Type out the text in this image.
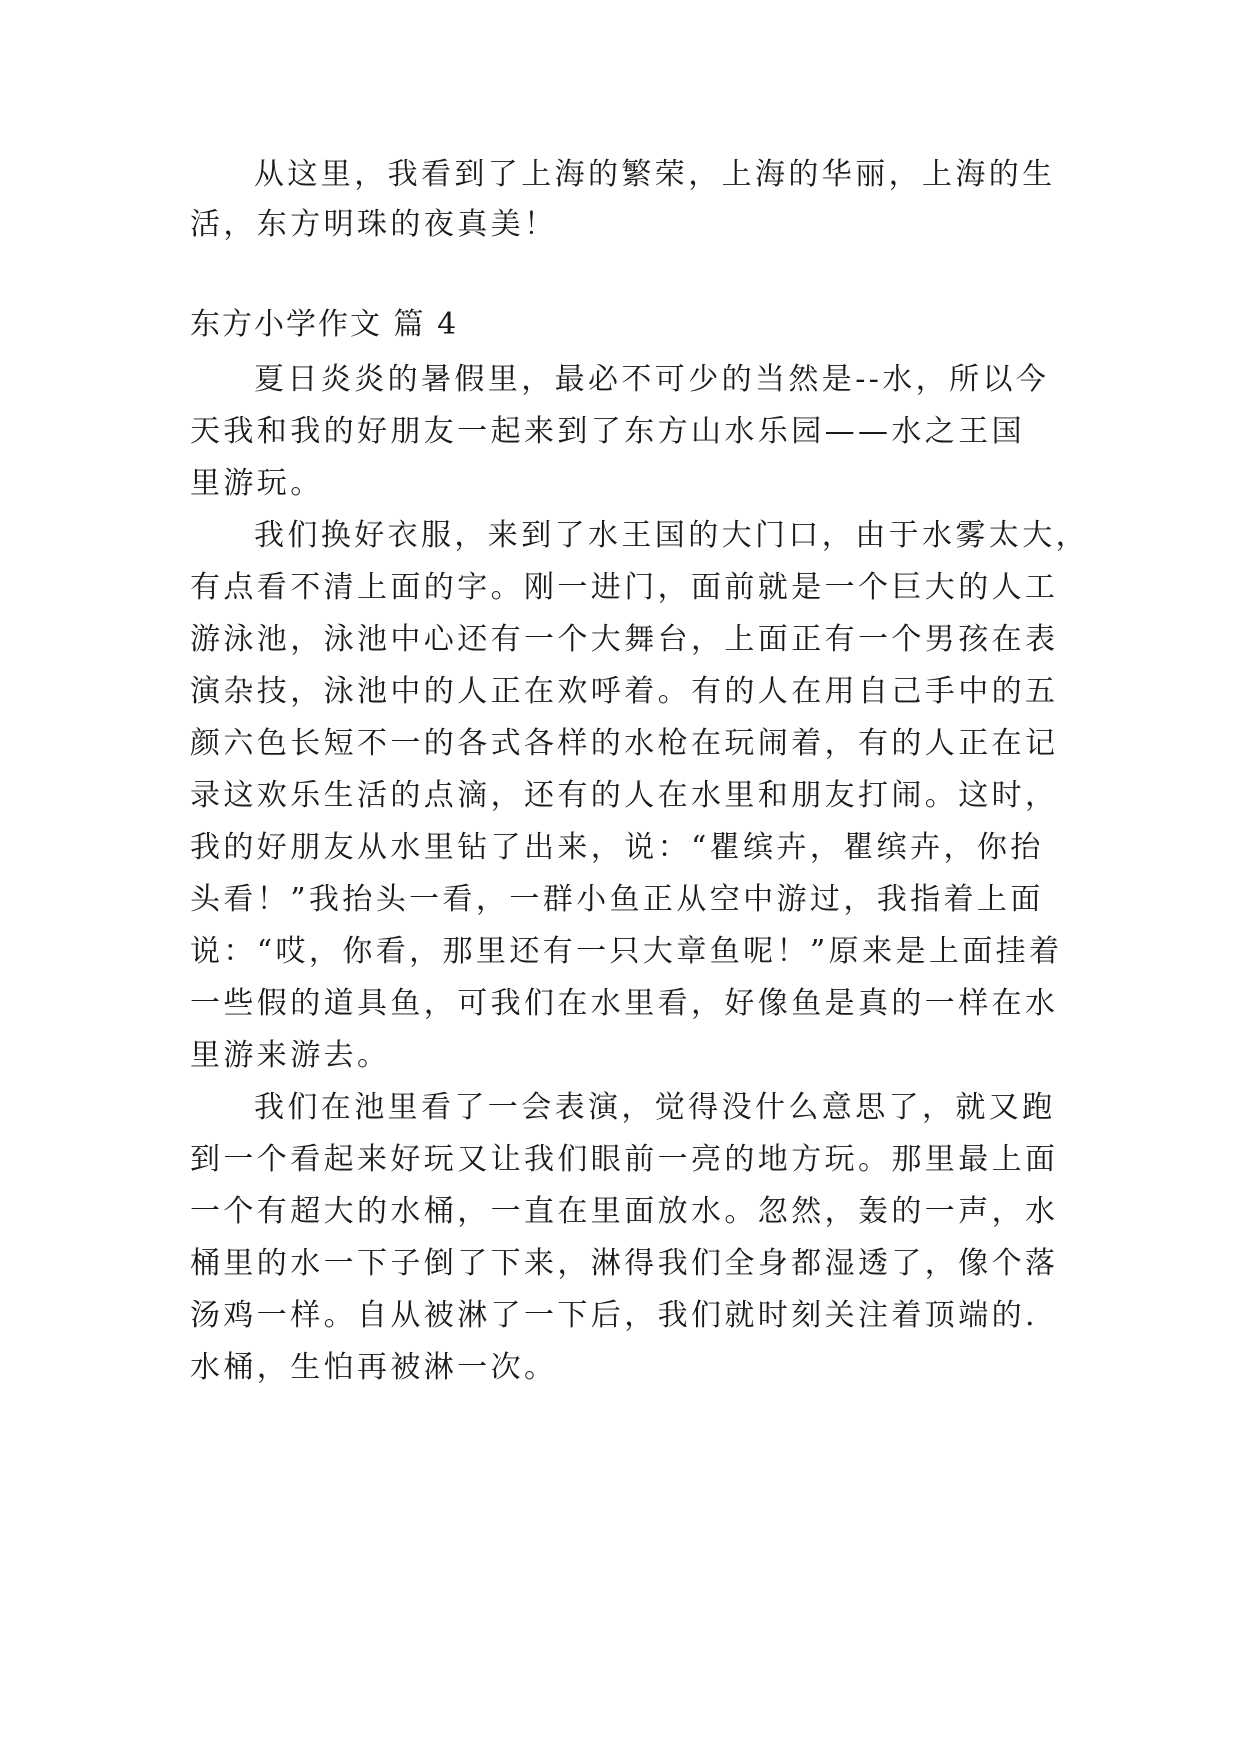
从这里，我看到了上海的繁荣，上海的华丽，上海的生
活，东方明珠的夜真美！
东方小学作文 篇 4
夏日炎炎的暑假里，最必不可少的当然是--水，所以今
天我和我的好朋友一起来到了东方山水乐园——水之王国
里游玩。
我们换好衣服，来到了水王国的大门口，由于水雾太大，
有点看不清上面的字。刚一进门，面前就是一个巨大的人工
游泳池，泳池中心还有一个大舞台，上面正有一个男孩在表
演杂技，泳池中的人正在欢呼着。有的人在用自己手中的五
颜六色长短不一的各式各样的水枪在玩闹着，有的人正在记
录这欢乐生活的点滴，还有的人在水里和朋友打闹。这时，
我的好朋友从水里钻了出来，说：“瞿缤卉，瞿缤卉，你抬
头看！”我抬头一看，一群小鱼正从空中游过，我指着上面
说：“哎，你看，那里还有一只大章鱼呢！”原来是上面挂着
一些假的道具鱼，可我们在水里看，好像鱼是真的一样在水
里游来游去。
我们在池里看了一会表演，觉得没什么意思了，就又跑
到一个看起来好玩又让我们眼前一亮的地方玩。那里最上面
一个有超大的水桶，一直在里面放水。忽然，轰的一声，水
桶里的水一下子倒了下来，淋得我们全身都湿透了，像个落
汤鸡一样。自从被淋了一下后，我们就时刻关注着顶端的.
水桶，生怕再被淋一次。
